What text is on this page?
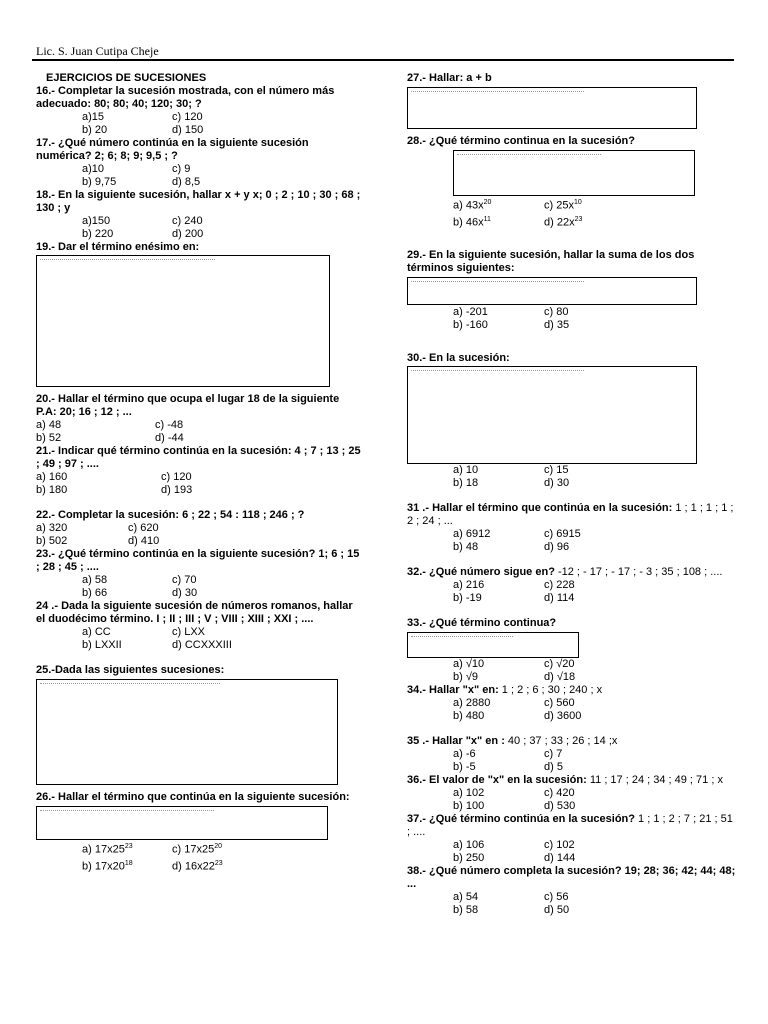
Lic. S. Juan Cutipa Cheje
EJERCICIOS DE SUCESIONES
16.- Completar la sucesión mostrada, con el número más adecuado: 80; 80; 40; 120; 30; ?
a)15	c) 120
b) 20	d) 150
17.- ¿Qué número continúa en la siguiente sucesión numérica? 2; 6; 8; 9; 9,5 ; ?
a)10	c) 9
b) 9,75	d) 8,5
18.- En la siguiente sucesión, hallar x + y x; 0 ; 2 ; 10 ; 30 ; 68 ; 130 ; y
a)150	c) 240
b) 220	d) 200
19.- Dar el término enésimo en:
20.- Hallar el término que ocupa el lugar 18 de la siguiente P.A: 20; 16 ; 12 ; ...
a) 48	c) -48
b) 52	d) -44
21.- Indicar qué término continúa en la sucesión: 4 ; 7 ; 13 ; 25 ; 49 ; 97 ; ....
a) 160	c) 120
b) 180	d) 193
22.- Completar la sucesión: 6 ; 22 ; 54 : 118 ; 246 ; ?
a) 320	c) 620
b) 502	d) 410
23.- ¿Qué término continúa en la siguiente sucesión? 1; 6 ; 15 ; 28 ; 45 ; ....
a) 58	c) 70
b) 66	d) 30
24 .- Dada la siguiente sucesión de números romanos, hallar el duodécimo término. I ; II ; III ; V ; VIII ; XIII ; XXI ; ....
a) CC	c) LXX
b) LXXII	d) CCXXXIII
25.-Dada las siguientes sucesiones:
26.- Hallar el término que continúa en la siguiente sucesión:
a) $17x25^{23}$	c) $17x25^{20}$
b) $17x20^{18}$	d) $16x22^{23}$
27.- Hallar: a + b
28.- ¿Qué término continua en la sucesión?
a) $43x^{20}$	c) $25x^{10}$
b) $46x^{11}$	d) $22x^{23}$
29.- En la siguiente sucesión, hallar la suma de los dos términos siguientes:
a) -201	c) 80
b) -160	d) 35
30.- En la sucesión:
a) 10	c) 15
b) 18	d) 30
31 .- Hallar el término que continúa en la sucesión: 1 ; 1 ; 1 ; 1 ; 2 ; 24 ; ...
a) 6912	c) 6915
b) 48	d) 96
32.- ¿Qué número sigue en? -12 ; - 17 ; - 17 ; - 3 ; 35 ; 108 ; ....
a) 216	c) 228
b) -19	d) 114
33.- ¿Qué término continua?
a) √10	c) √20
b) √9	d) √18
34.- Hallar "x" en: 1 ; 2 ; 6 ; 30 ; 240 ; x
a) 2880	c) 560
b) 480	d) 3600
35 .- Hallar "x" en : 40 ; 37 ; 33 ; 26 ; 14 ;x
a) -6	c) 7
b) -5	d) 5
36.- El valor de "x" en la sucesión: 11 ; 17 ; 24 ; 34 ; 49 ; 71 ; x
a) 102	c) 420
b) 100	d) 530
37.- ¿Qué término continúa en la sucesión? 1 ; 1 ; 2 ; 7 ; 21 ; 51 ; ....
a) 106	c) 102
b) 250	d) 144
38.- ¿Qué número completa la sucesión? 19; 28; 36; 42; 44; 48; ...
a) 54	c) 56
b) 58	d) 50
